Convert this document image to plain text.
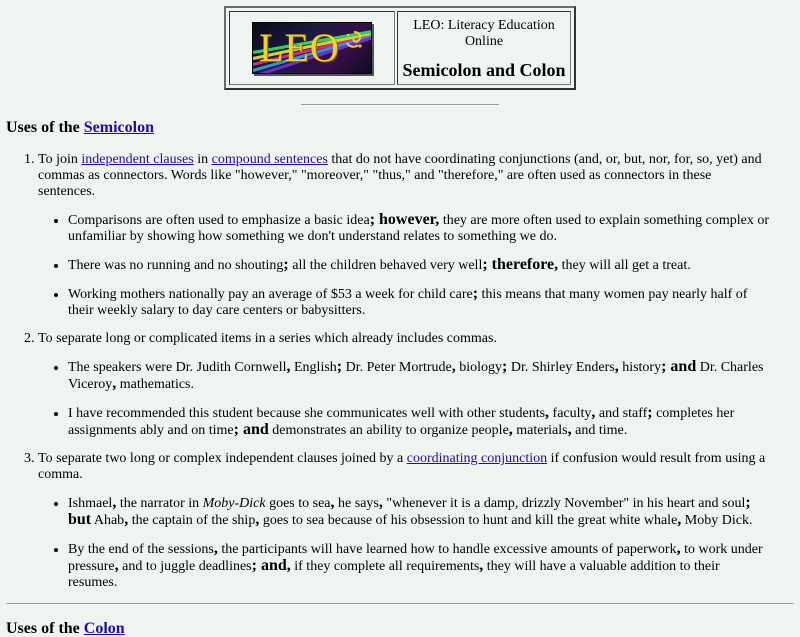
LEO	LEO: Literacy Education Online
Semicolon and Colon
Uses of the Semicolon
1. To join independent clauses in compound sentences that do not have coordinating conjunctions (and, or, but, nor, for, so, yet) and commas as connectors. Words like "however," "moreover," "thus," and "therefore," are often used as connectors in these sentences.
• Comparisons are often used to emphasize a basic idea; however, they are more often used to explain something complex or unfamiliar by showing how something we don't understand relates to something we do.
• There was no running and no shouting; all the children behaved very well; therefore, they will all get a treat.
• Working mothers nationally pay an average of $53 a week for child care; this means that many women pay nearly half of their weekly salary to day care centers or babysitters.
2. To separate long or complicated items in a series which already includes commas.
• The speakers were Dr. Judith Cornwell, English; Dr. Peter Mortrude, biology; Dr. Shirley Enders, history; and Dr. Charles Viceroy, mathematics.
• I have recommended this student because she communicates well with other students, faculty, and staff; completes her assignments ably and on time; and demonstrates an ability to organize people, materials, and time.
3. To separate two long or complex independent clauses joined by a coordinating conjunction if confusion would result from using a comma.
• Ishmael, the narrator in Moby-Dick goes to sea, he says, "whenever it is a damp, drizzly November" in his heart and soul; but Ahab, the captain of the ship, goes to sea because of his obsession to hunt and kill the great white whale, Moby Dick.
• By the end of the sessions, the participants will have learned how to handle excessive amounts of paperwork, to work under pressure, and to juggle deadlines; and, if they complete all requirements, they will have a valuable addition to their resumes.
Uses of the Colon
